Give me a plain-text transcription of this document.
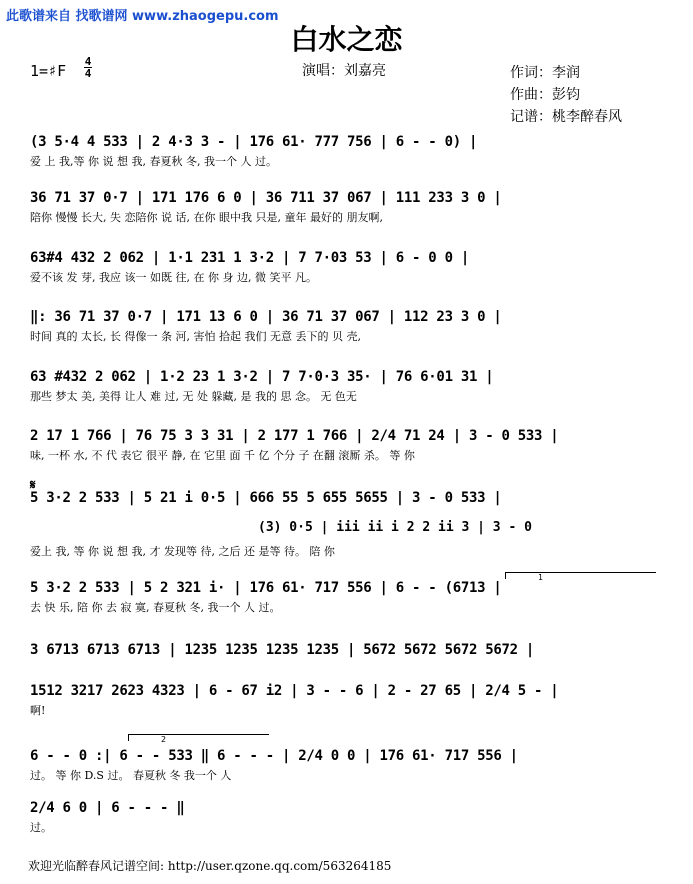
此歌谱来自 找歌谱网 www.zhaogepu.com
白水之恋
1=♯F
4
4	演唱：刘嘉亮	作词：李润
作曲：彭钧
记谱：桃李醉春风
(3 5·4 4 533 | 2 4·3 3 - | 176 61· 777 756 | 6 - - 0) |
爱 上 我,等 你 说 想 我, 春夏秋 冬, 我一个 人 过。
36 71 37 0·7 | 171 176 6 0 | 36 711 37 067 | 111 233 3 0 |
陪你 慢慢 长大, 失 恋陪你 说 话, 在你 眼中我 只是, 童年 最好的 朋友啊,
63#4 432 2 062 | 1·1 231 1 3·2 | 7 7·03 53 | 6 - 0 0 |
爱不该 发 芽, 我应 该一 如既 往, 在 你 身 边, 微 笑平 凡。
‖: 36 71 37 0·7 | 171 13 6 0 | 36 71 37 067 | 112 23 3 0 |
时间 真的 太长, 长 得像一 条 河, 害怕 拾起 我们 无意 丢下的 贝 壳,
63 #432 2 062 | 1·2 23 1 3·2 | 7 7·0·3 35· | 76 6·01 31 |
那些 梦太 美, 美得 让人 难 过, 无 处 躲藏, 是 我的 思 念。 无 色无
2 17 1 766 | 76 75 3 3 31 | 2 177 1 766 | 2/4 71 24 | 3 - 0 533 |
味, 一杯 水, 不 代 表它 很平 静, 在 它里 面 千 亿 个分 子 在翻 滚厮 杀。 等 你
𝄋
5 3·2 2 533 | 5 21 i 0·5 | 666 55 5 655 5655 | 3 - 0 533 |
(3) 0·5 | iii ii i 2 2 ii 3 | 3 - 0
爱上 我, 等 你 说 想 我, 才 发现等 待, 之后 还 是等 待。 陪 你
5 3·2 2 533 | 5 2 321 i· | 176 61· 717 556 | 6 - - (6713 |
去 快 乐, 陪 你 去 寂 寞, 春夏秋 冬, 我一个 人 过。
1
3 6713 6713 6713 | 1235 1235 1235 1235 | 5672 5672 5672 5672 |
1512 3217 2623 4323 | 6 - 67 i2 | 3 - - 6 | 2 - 27 65 | 2/4 5 - |
啊!
2
6 - - 0 :| 6 - - 533 ‖ 6 - - - | 2/4 0 0 | 176 61· 717 556 |
过。 等 你 D.S 过。 春夏秋 冬 我一个 人
2/4 6 0 | 6 - - - ‖
过。
欢迎光临醉春风记谱空间: http://user.qzone.qq.com/563264185
